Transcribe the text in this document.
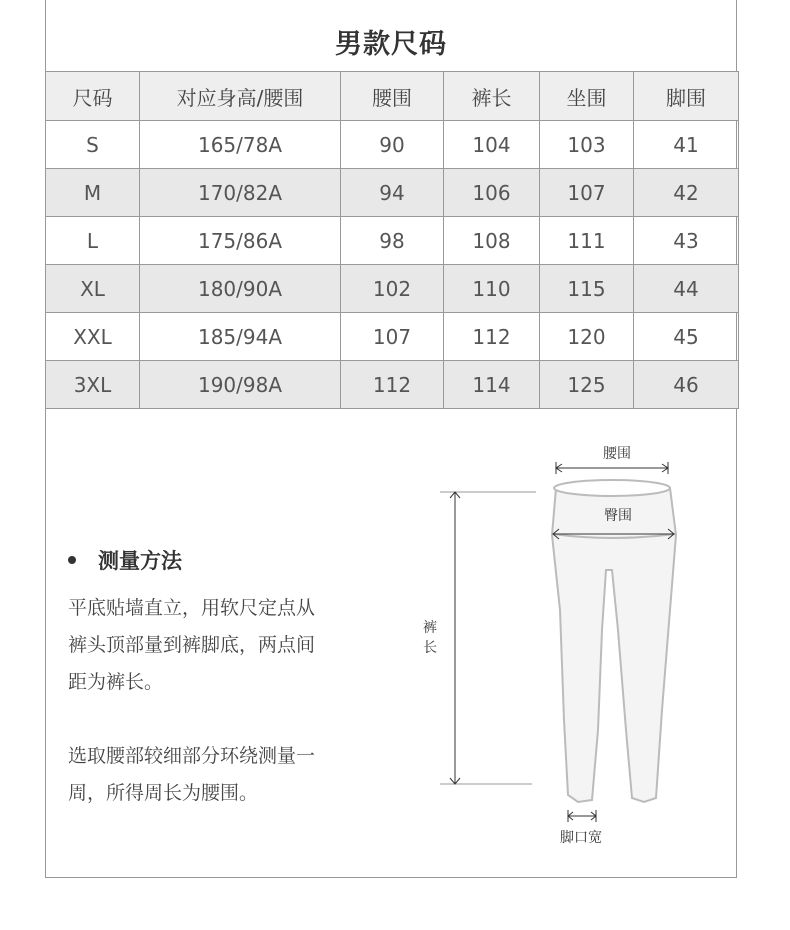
男款尺码
尺码	对应身高/腰围	腰围	裤长	坐围	脚围
S	165/78A	90	104	103	41
M	170/82A	94	106	107	42
L	175/86A	98	108	111	43
XL	180/90A	102	110	115	44
XXL	185/94A	107	112	120	45
3XL	190/98A	112	114	125	46
测量方法
平底贴墙直立，用软尺定点从
裤头顶部量到裤脚底，两点间
距为裤长。
选取腰部较细部分环绕测量一
周，所得周长为腰围。
腰围
臀围
裤
长
脚口宽
